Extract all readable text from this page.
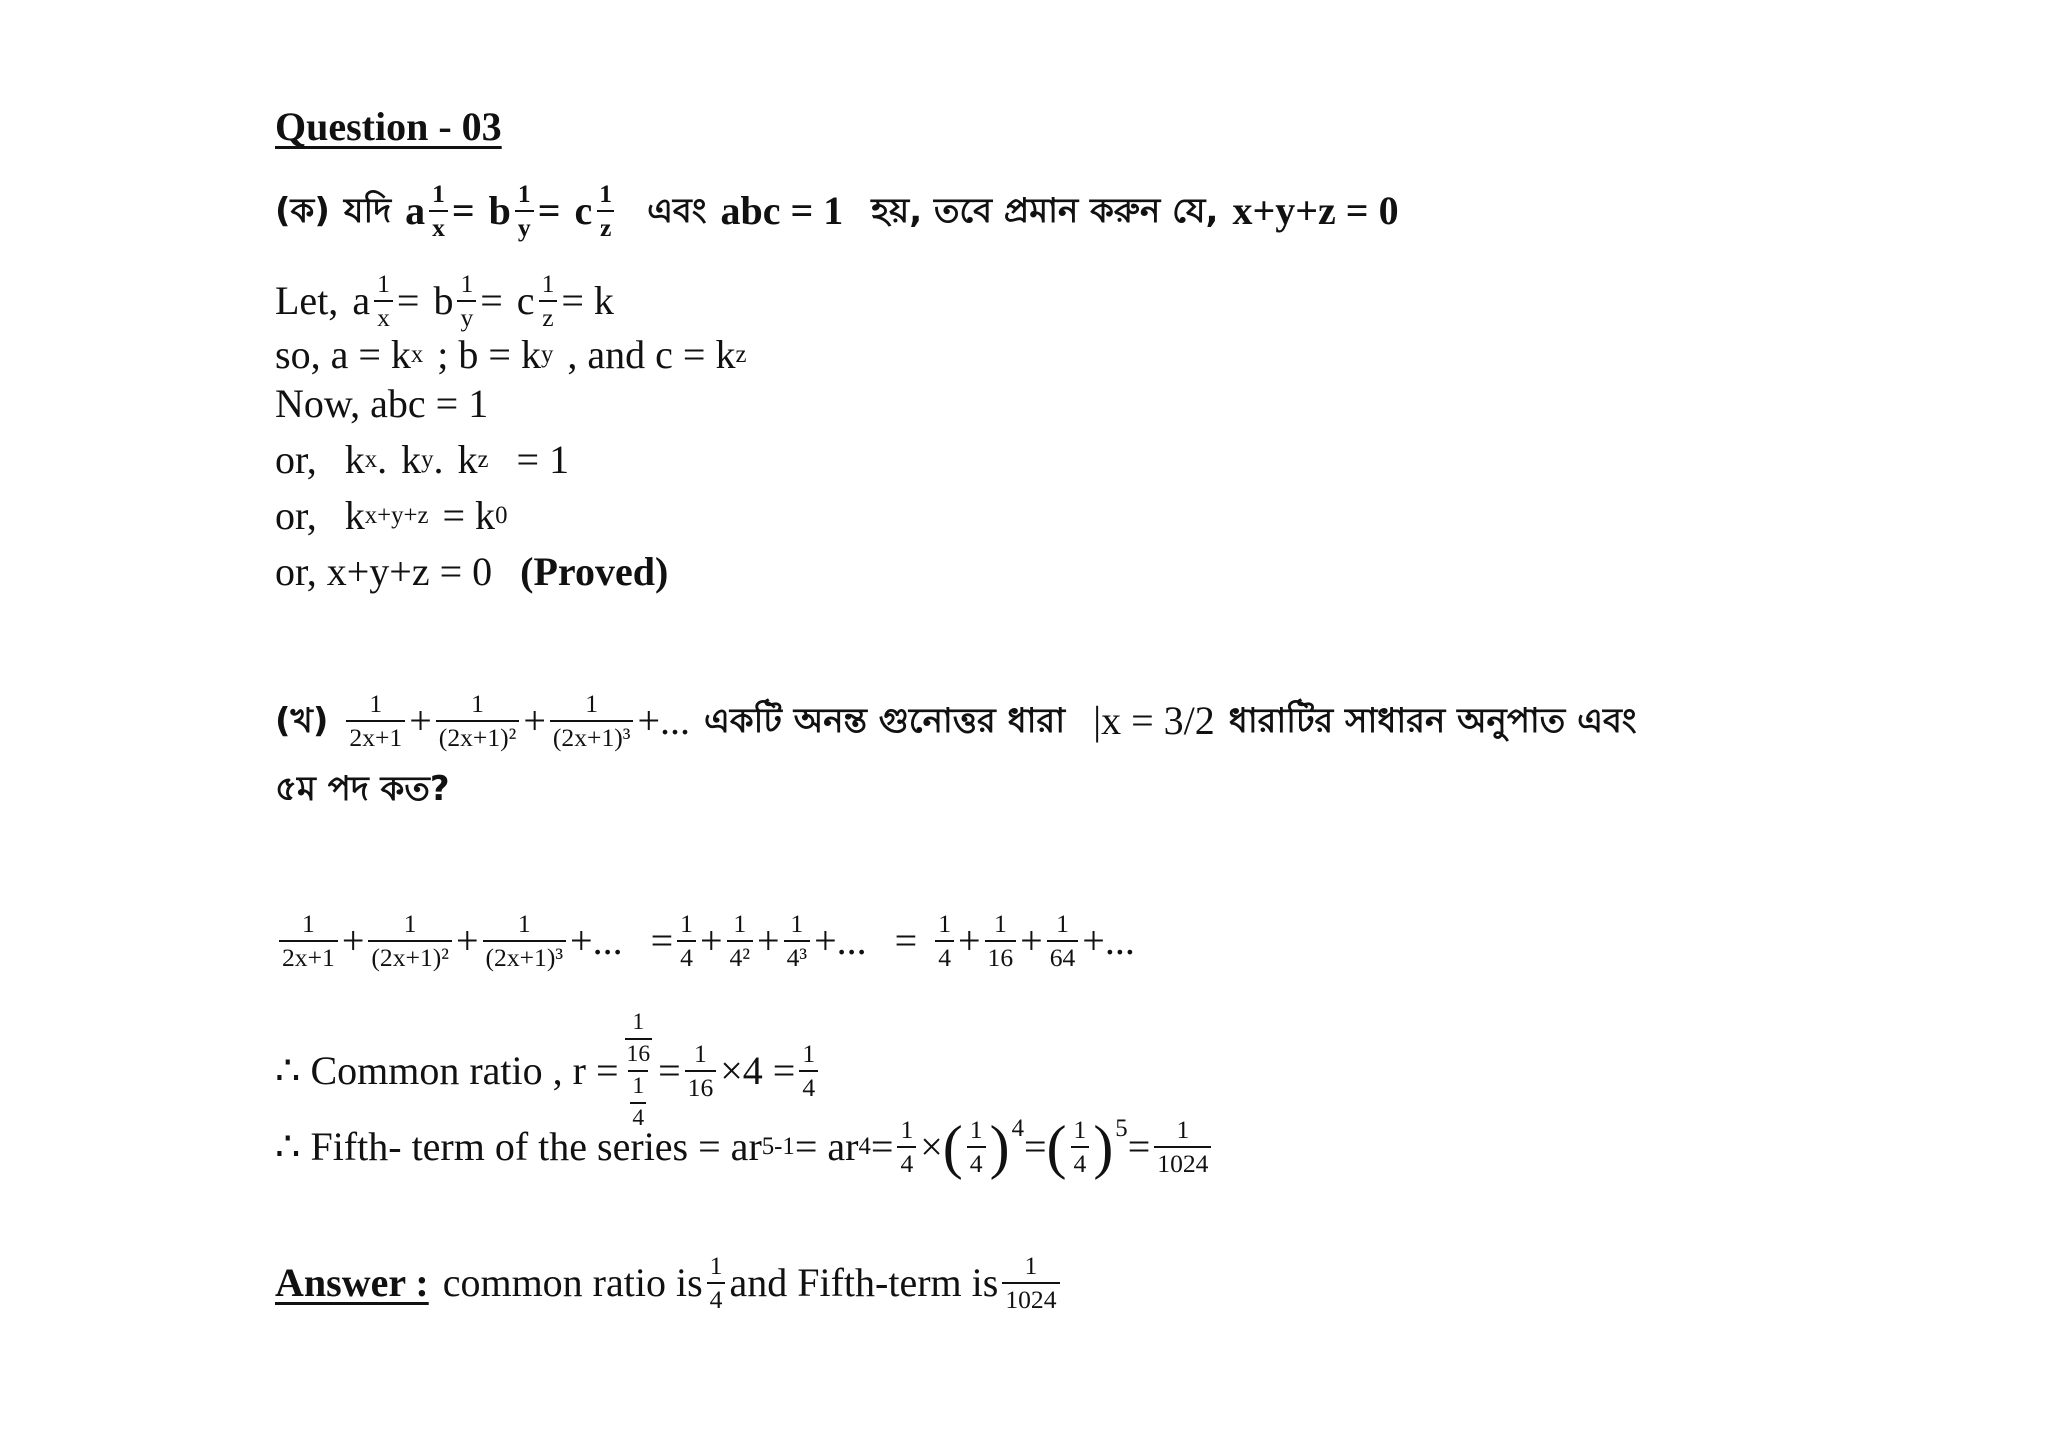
Question - 03
(ক) যদি a $\frac{1}{x} = b \frac{1}{y} = c \frac{1}{z}$ এবং abc = 1 হয়, তবে প্রমান করুন যে, x+y+z = 0
Let, a $\frac{1}{x} = b \frac{1}{y} = c \frac{1}{z} = k$
so, a = k x ; b = k y , and c = k z
Now, abc = 1
or, k x . k y . k z = 1
or, k x+y+z = k 0
or, x+y+z = 0 (Proved)
(খ) $\frac{1}{2x+1} + \frac{1}{\text{(2x+1)²}} + \frac{1}{\text{(2x+1)³}}$ +... একটি অনন্ত গুনোত্তর ধারা |x = 3/2 ধারাটির সাধারন অনুপাত এবং
৫ম পদ কত?
$\frac{1}{2x+1} + \frac{1}{\text{(2x+1)²}} + \frac{1}{\text{(2x+1)³}}$ +... = $\frac{1}{4} + \frac{1}{\text{4²}} + \frac{1}{\text{4³}}$ +... = $\frac{1}{4} + \frac{1}{16} + \frac{1}{64}$ +...
∴ Common ratio , $r = \frac{\frac{1}{16}}{\frac{1}{4}} = \frac{1}{16} \times 4 = \frac{1}{4}$
∴ Fifth- term of the series = ar 5-1 = ar $4 = \frac{1}{4}$ × ( $\frac{1}{4}$ ) 4 = ( $\frac{1}{4}$ ) $5 = \frac{1}{1024}$
Answer : common ratio is $\frac{1}{4}$ and Fifth-term is $\frac{1}{1024}$
